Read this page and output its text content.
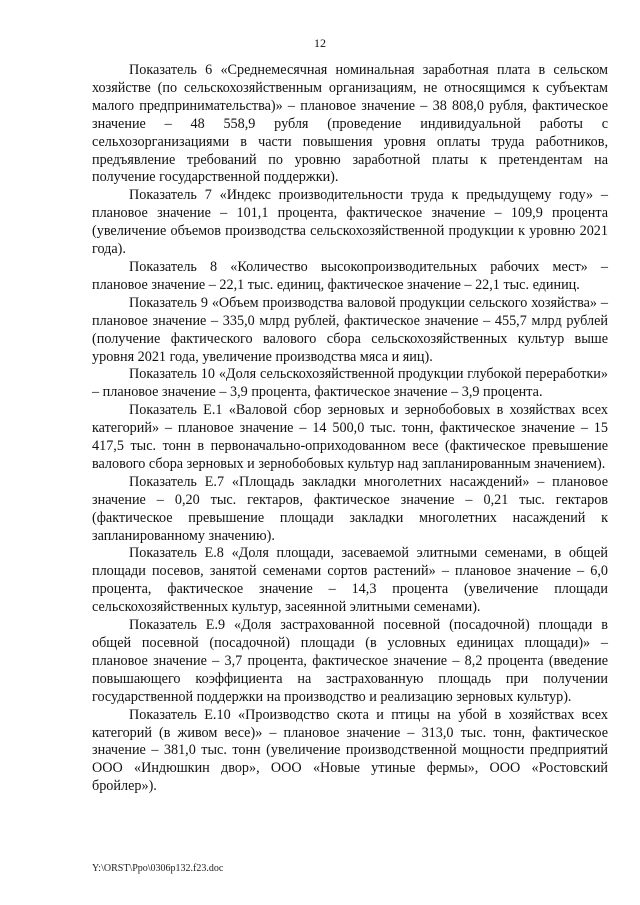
12

Показатель 6 «Среднемесячная номинальная заработная плата в сельском хозяйстве (по сельскохозяйственным организациям, не относящимся к субъектам малого предпринимательства)» – плановое значение – 38 808,0 рубля, фактическое значение – 48 558,9 рубля (проведение индивидуальной работы с сельхозорганизациями в части повышения уровня оплаты труда работников, предъявление требований по уровню заработной платы к претендентам на получение государственной поддержки).

Показатель 7 «Индекс производительности труда к предыдущему году» – плановое значение – 101,1 процента, фактическое значение – 109,9 процента (увеличение объемов производства сельскохозяйственной продукции к уровню 2021 года).

Показатель 8 «Количество высокопроизводительных рабочих мест» – плановое значение – 22,1 тыс. единиц, фактическое значение – 22,1 тыс. единиц.

Показатель 9 «Объем производства валовой продукции сельского хозяйства» – плановое значение – 335,0 млрд рублей, фактическое значение – 455,7 млрд рублей (получение фактического валового сбора сельскохозяйственных культур выше уровня 2021 года, увеличение производства мяса и яиц).

Показатель 10 «Доля сельскохозяйственной продукции глубокой переработки» – плановое значение – 3,9 процента, фактическое значение – 3,9 процента.

Показатель Е.1 «Валовой сбор зерновых и зернобобовых в хозяйствах всех категорий» – плановое значение – 14 500,0 тыс. тонн, фактическое значение – 15 417,5 тыс. тонн в первоначально-оприходованном весе (фактическое превышение валового сбора зерновых и зернобобовых культур над запланированным значением).

Показатель Е.7 «Площадь закладки многолетних насаждений» – плановое значение – 0,20 тыс. гектаров, фактическое значение – 0,21 тыс. гектаров (фактическое превышение площади закладки многолетних насаждений к запланированному значению).

Показатель Е.8 «Доля площади, засеваемой элитными семенами, в общей площади посевов, занятой семенами сортов растений» – плановое значение – 6,0 процента, фактическое значение – 14,3 процента (увеличение площади сельскохозяйственных культур, засеянной элитными семенами).

Показатель Е.9 «Доля застрахованной посевной (посадочной) площади в общей посевной (посадочной) площади (в условных единицах площади)» – плановое значение – 3,7 процента, фактическое значение – 8,2 процента (введение повышающего коэффициента на застрахованную площадь при получении государственной поддержки на производство и реализацию зерновых культур).

Показатель Е.10 «Производство скота и птицы на убой в хозяйствах всех категорий (в живом весе)» – плановое значение – 313,0 тыс. тонн, фактическое значение – 381,0 тыс. тонн (увеличение производственной мощности предприятий ООО «Индюшкин двор», ООО «Новые утиные фермы», ООО «Ростовский бройлер»).

Y:\ORST\Ppo\0306p132.f23.doc
